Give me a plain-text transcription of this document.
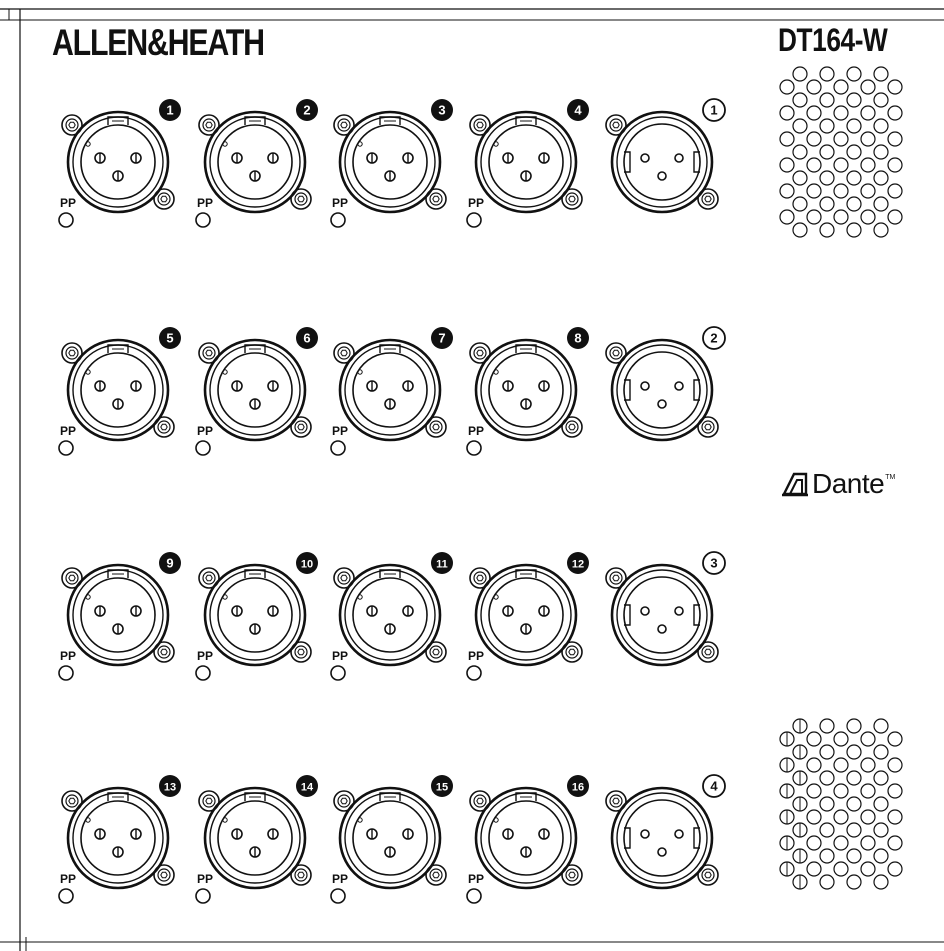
1
PP
2
PP
3
PP
4
PP
1
5
PP
6
PP
7
PP
8
PP
2
9
PP
10
PP
11
PP
12
PP
3
13
PP
14
PP
15
PP
16
PP
4
ALLEN&HEATH	DT164-W
Dante TM
